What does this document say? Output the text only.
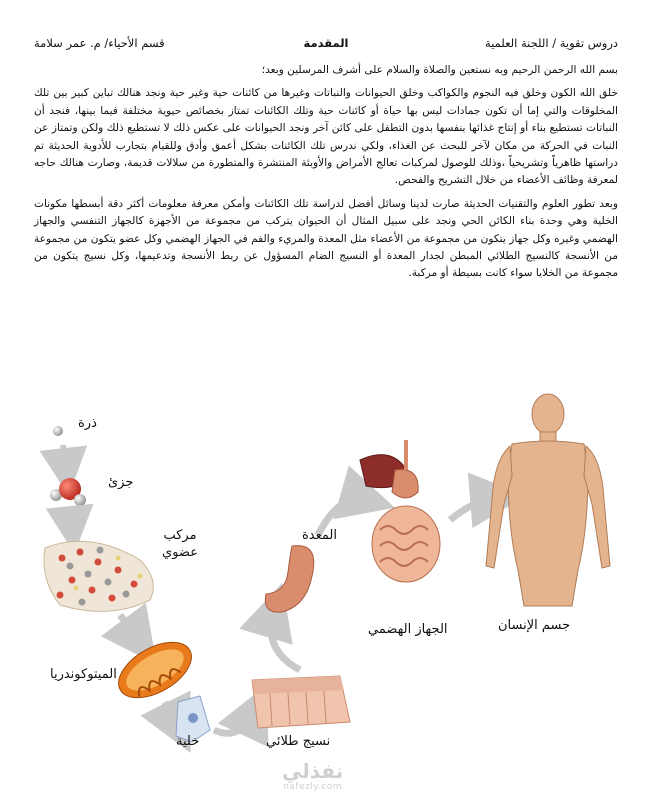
دروس تقوية / اللجنة العلمية
المقدمة
قسم الأحياء/ م. عمر سلامة

بسم الله الرحمن الرحيم وبه نستعين والصلاة والسلام على أشرف المرسلين وبعد؛

خلق الله الكون وخلق فيه النجوم والكواكب وخلق الحيوانات والنباتات وغيرها من كائنات حية وغير حية ونجد هنالك تباين كبير بين تلك المخلوقات والتي إما أن تكون جمادات ليس بها حياة أو كائنات حية وتلك الكائنات تمتاز بخصائص حيوية مختلفة فيما بينها، فنجد أن النباتات تستطيع بناء أو إنتاج غذائها بنفسها بدون التطفل على كائن آخر ونجد الحيوانات على عكس ذلك لا تستطيع ذلك ولكن وتمتاز عن النبات في الحركة من مكان لآخر للبحث عن الغذاء، ولكي ندرس تلك الكائنات بشكل أعمق وأدق وللقيام بتجارب للأدوية الحديثة تم دراستها ظاهرياً وتشريحياً ،وذلك للوصول لمركبات تعالج الأمراض والأوبئة المنتشرة والمتطورة من سلالات قديمة، وصارت هنالك حاجه لمعرفة وظائف الأعضاء من خلال التشريح والفحص.

وبعد تطور العلوم والتقنيات الحديثة صارت لدينا وسائل أفضل لدراسة تلك الكائنات وأمكن معرفة معلومات أكثر دقة أبسطها مكونات الخلية وهي وحدة بناء الكائن الحي ونجد على سبيل المثال أن الحيوان يتركب من مجموعة من الأجهزة كالجهاز التنفسي والجهاز الهضمي وغيره وكل جهاز يتكون من مجموعة من الأعضاء مثل المعدة والمريء والفم في الجهاز الهضمي وكل عضو يتكون من مجموعة من الأنسجة كالنسيج الطلائي المبطن لجدار المعدة أو النسيج الضام المسؤول عن ربط الأنسجة وتدعيمها، وكل نسيج يتكون من مجموعة من الخلايا سواء كانت بسيطة أو مركبة.

ذرة
جزئ
مركب عضوي
الميتوكوندريا
خلية	نسيج طلائي
المعدة
الجهاز الهضمي	جسم الإنسان
نفذلي
nafezly.com
